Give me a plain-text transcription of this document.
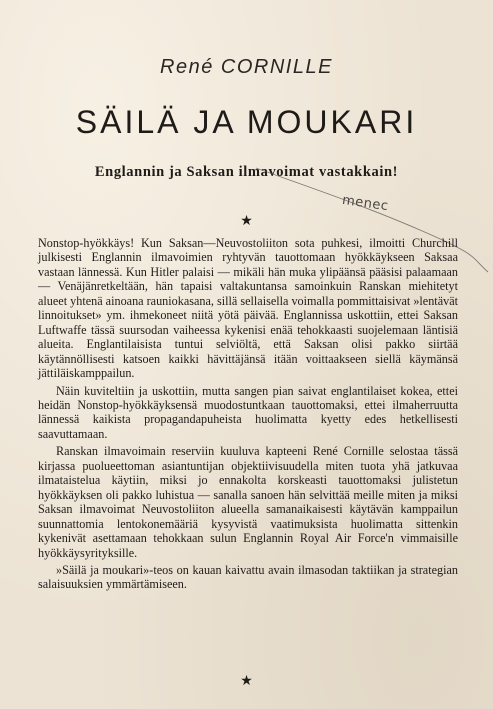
René CORNILLE
SÄILÄ JA MOUKARI
Englannin ja Saksan ilmavoimat vastakkain!
menec
★

Nonstop-hyökkäys! Kun Saksan—Neuvostoliiton sota puhkesi, ilmoitti Churchill julkisesti Englannin ilmavoimien ryhtyvän tauottomaan hyökkäykseen Saksaa vastaan lännessä. Kun Hitler palaisi — mikäli hän muka ylipäänsä pääsisi palaamaan — Venäjänretkeltään, hän tapaisi valtakuntansa samoinkuin Ranskan miehitetyt alueet yhtenä ainoana rauniokasana, sillä sellaisella voimalla pommittaisivat »lentävät linnoitukset» ym. ihmekoneet niitä yötä päivää. Englannissa uskottiin, ettei Saksan Luftwaffe tässä suursodan vaiheessa kykenisi enää tehokkaasti suojelemaan läntisiä alueita. Englantilaisista tuntui selviöltä, että Saksan olisi pakko siirtää käytännöllisesti katsoen kaikki hävittäjänsä itään voittaakseen siellä käymänsä jättiläiskamppailun.

Näin kuviteltiin ja uskottiin, mutta sangen pian saivat englantilaiset kokea, ettei heidän Nonstop-hyökkäyksensä muodostuntkaan tauottomaksi, ettei ilmaherruutta lännessä kaikista propagandapuheista huolimatta kyetty edes hetkellisesti saavuttamaan.

Ranskan ilmavoimain reserviin kuuluva kapteeni René Cornille selostaa tässä kirjassa puolueettoman asiantuntijan objektiivisuudella miten tuota yhä jatkuvaa ilmataistelua käytiin, miksi jo ennakolta korskeasti tauottomaksi julistetun hyökkäyksen oli pakko luhistua — sanalla sanoen hän selvittää meille miten ja miksi Saksan ilmavoimat Neuvostoliiton alueella samanaikaisesti käytävän kamppailun suunnattomia lentokonemääriä kysyvistä vaatimuksista huolimatta sittenkin kykenivät asettamaan tehokkaan sulun Englannin Royal Air Force'n vimmaisille hyökkäysyrityksille.

»Säilä ja moukari»-teos on kauan kaivattu avain ilmasodan taktiikan ja strategian salaisuuksien ymmärtämiseen.

★
